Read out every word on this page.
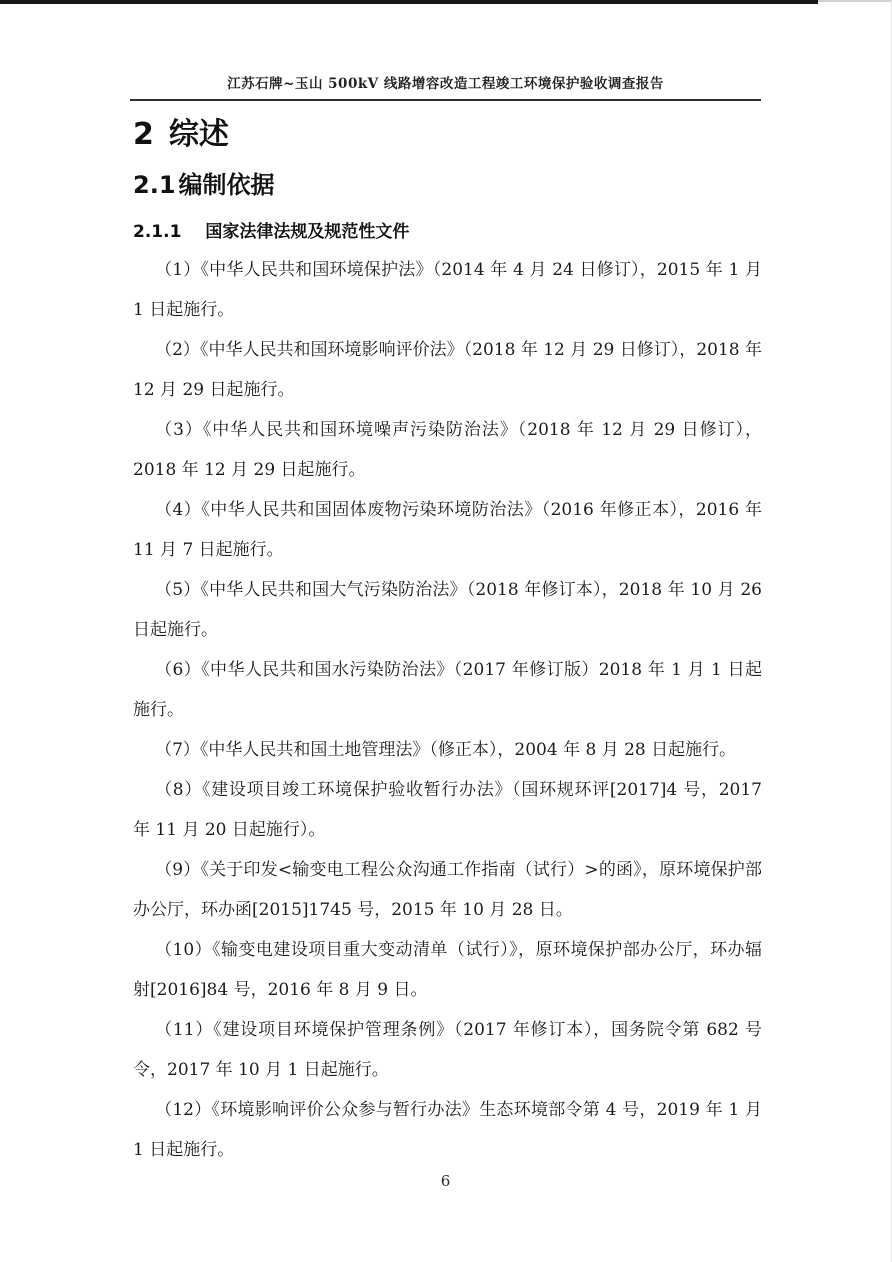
江苏石牌~玉山 500kV 线路增容改造工程竣工环境保护验收调查报告
2 综述
2.1 编制依据
2.1.1 国家法律法规及规范性文件

（1）《中华人民共和国环境保护法》（2014 年 4 月 24 日修订），2015 年 1 月 1 日起施行。

（2）《中华人民共和国环境影响评价法》（2018 年 12 月 29 日修订），2018 年 12 月 29 日起施行。

（3）《中华人民共和国环境噪声污染防治法》（2018 年 12 月 29 日修订），2018 年 12 月 29 日起施行。

（4）《中华人民共和国固体废物污染环境防治法》（2016 年修正本），2016 年 11 月 7 日起施行。

（5）《中华人民共和国大气污染防治法》（2018 年修订本），2018 年 10 月 26 日起施行。

（6）《中华人民共和国水污染防治法》（2017 年修订版）2018 年 1 月 1 日起施行。

（7）《中华人民共和国土地管理法》（修正本），2004 年 8 月 28 日起施行。

（8）《建设项目竣工环境保护验收暂行办法》（国环规环评[2017]4 号，2017 年 11 月 20 日起施行）。

（9）《关于印发<输变电工程公众沟通工作指南（试行）>的函》，原环境保护部办公厅，环办函[2015]1745 号，2015 年 10 月 28 日。

（10）《输变电建设项目重大变动清单（试行）》，原环境保护部办公厅，环办辐射[2016]84 号，2016 年 8 月 9 日。

（11）《建设项目环境保护管理条例》（2017 年修订本），国务院令第 682 号令，2017 年 10 月 1 日起施行。

（12）《环境影响评价公众参与暂行办法》生态环境部令第 4 号，2019 年 1 月 1 日起施行。

6
